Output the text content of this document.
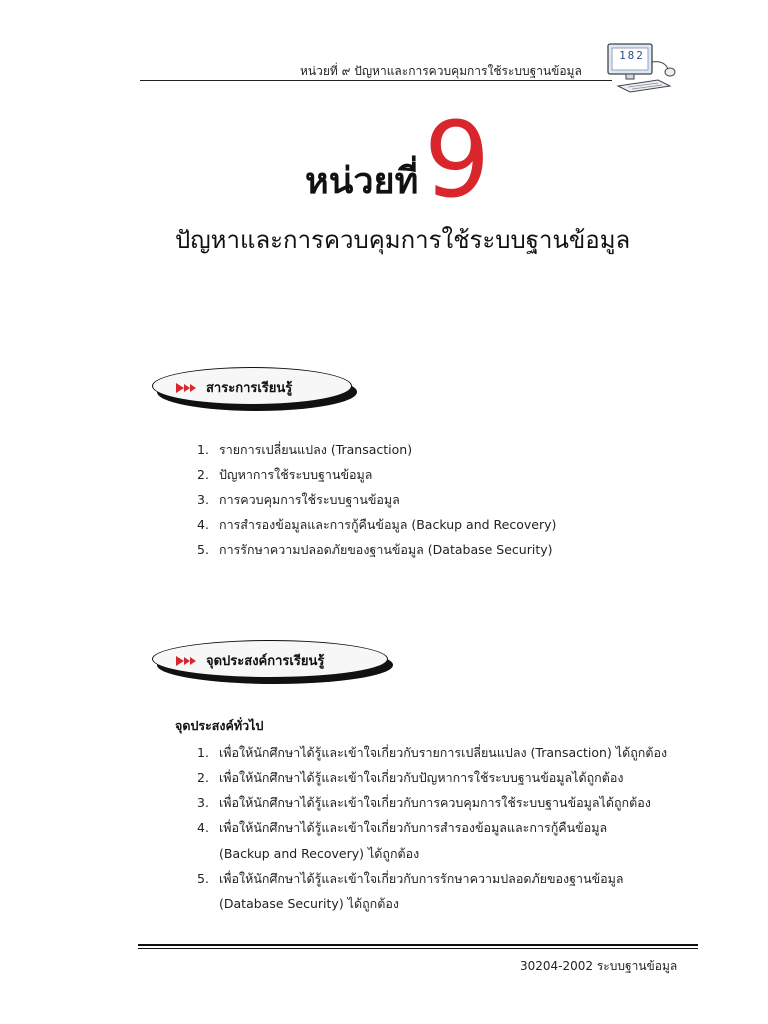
หน่วยที่ ๙ ปัญหาและการควบคุมการใช้ระบบฐานข้อมูล
182
หน่วยที่ 9
ปัญหาและการควบคุมการใช้ระบบฐานข้อมูล
สาระการเรียนรู้
1. รายการเปลี่ยนแปลง (Transaction)
2. ปัญหาการใช้ระบบฐานข้อมูล
3. การควบคุมการใช้ระบบฐานข้อมูล
4. การสำรองข้อมูลและการกู้คืนข้อมูล (Backup and Recovery)
5. การรักษาความปลอดภัยของฐานข้อมูล (Database Security)
จุดประสงค์การเรียนรู้
จุดประสงค์ทั่วไป
1. เพื่อให้นักศึกษาได้รู้และเข้าใจเกี่ยวกับรายการเปลี่ยนแปลง (Transaction) ได้ถูกต้อง
2. เพื่อให้นักศึกษาได้รู้และเข้าใจเกี่ยวกับปัญหาการใช้ระบบฐานข้อมูลได้ถูกต้อง
3. เพื่อให้นักศึกษาได้รู้และเข้าใจเกี่ยวกับการควบคุมการใช้ระบบฐานข้อมูลได้ถูกต้อง
4. เพื่อให้นักศึกษาได้รู้และเข้าใจเกี่ยวกับการสำรองข้อมูลและการกู้คืนข้อมูล
(Backup and Recovery) ได้ถูกต้อง
5. เพื่อให้นักศึกษาได้รู้และเข้าใจเกี่ยวกับการรักษาความปลอดภัยของฐานข้อมูล
(Database Security) ได้ถูกต้อง
30204-2002 ระบบฐานข้อมูล
